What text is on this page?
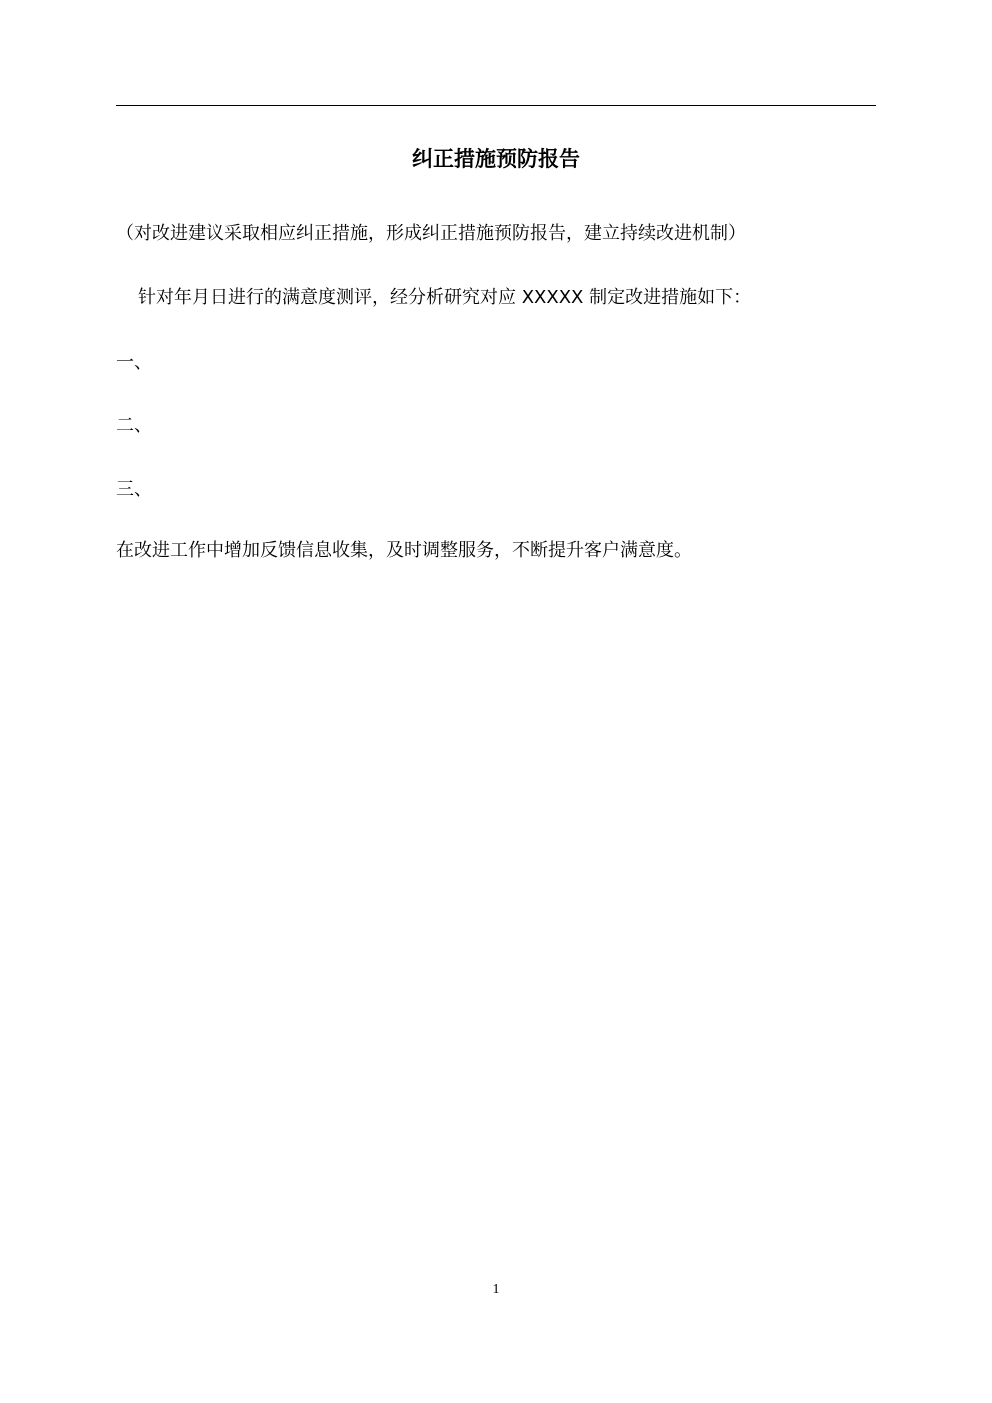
纠正措施预防报告
（对改进建议采取相应纠正措施，形成纠正措施预防报告，建立持续改进机制）
针对年月日进行的满意度测评，经分析研究对应 XXXXX 制定改进措施如下：
一、
二、
三、
在改进工作中增加反馈信息收集，及时调整服务，不断提升客户满意度。
1
